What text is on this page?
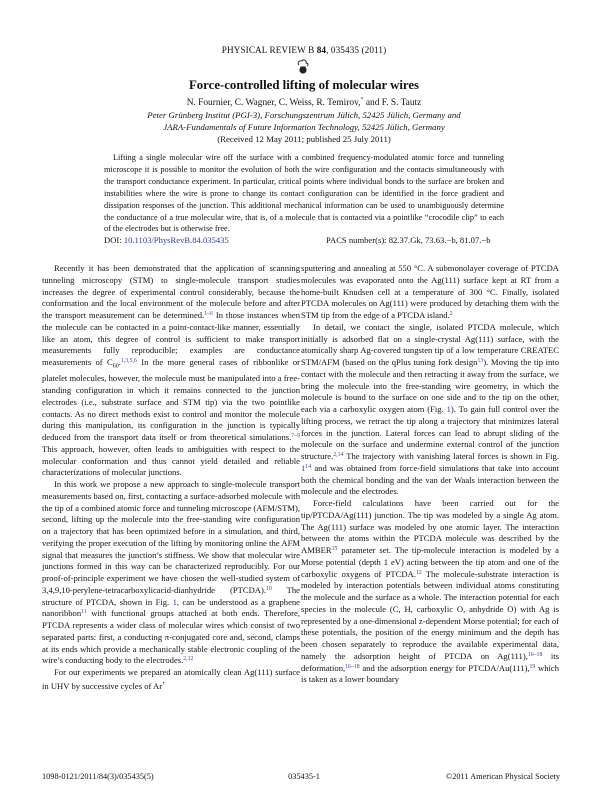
PHYSICAL REVIEW B 84, 035435 (2011)
Force-controlled lifting of molecular wires
N. Fournier, C. Wagner, C. Weiss, R. Temirov,* and F. S. Tautz
Peter Grünberg Institut (PGI-3), Forschungszentrum Jülich, 52425 Jülich, Germany and
JARA-Fundamentals of Future Information Technology, 52425 Jülich, Germany
(Received 12 May 2011; published 25 July 2011)
Lifting a single molecular wire off the surface with a combined frequency-modulated atomic force and tunneling microscope it is possible to monitor the evolution of both the wire configuration and the contacts simultaneously with the transport conductance experiment. In particular, critical points where individual bonds to the surface are broken and instabilities where the wire is prone to change its contact configuration can be identified in the force gradient and dissipation responses of the junction. This additional mechanical information can be used to unambiguously determine the conductance of a true molecular wire, that is, of a molecule that is contacted via a pointlike “crocodile clip” to each of the electrodes but is otherwise free.
DOI: 10.1103/PhysRevB.84.035435	PACS number(s): 82.37.Gk, 73.63.−b, 81.07.−b

Recently it has been demonstrated that the application of scanning tunneling microscopy (STM) to single-molecule transport studies increases the degree of experimental control considerably, because the conformation and the local environment of the molecule before and after the transport measurement can be determined.$^{1-6}$ In those instances when the molecule can be contacted in a point-contact-like manner, essentially like an atom, this degree of control is sufficient to make transport measurements fully reproducible; examples are conductance measurements of $C_{60}.^{1,3,5,6}$ In the more general cases of ribbonlike or platelet molecules, however, the molecule must be manipulated into a free-standing configuration in which it remains connected to the junction electrodes (i.e., substrate surface and STM tip) via the two pointlike contacts. As no direct methods exist to control and monitor the molecule during this manipulation, its configuration in the junction is typically deduced from the transport data itself or from theoretical simulations.$^{7-9}$ This approach, however, often leads to ambiguities with respect to the molecular conformation and thus cannot yield detailed and reliable characterizations of molecular junctions.

In this work we propose a new approach to single-molecule transport measurements based on, first, contacting a surface-adsorbed molecule with the tip of a combined atomic force and tunneling microscope (AFM/STM), second, lifting up the molecule into the free-standing wire configuration on a trajectory that has been optimized before in a simulation, and third, verifying the proper execution of the lifting by monitoring online the AFM signal that measures the junction’s stiffness. We show that molecular wire junctions formed in this way can be characterized reproducibly. For our proof-of-principle experiment we have chosen the well-studied system of 3,4,9,10-perylene-tetracarboxylicacid-dianhydride (PTCDA).$^{10}$ The structure of PTCDA, shown in Fig. 1, can be understood as a graphene nanoribbon$^{11}$ with functional groups attached at both ends. Therefore, PTCDA represents a wider class of molecular wires which consist of two separated parts: first, a conducting π-conjugated core and, second, clamps at its ends which provide a mechanically stable electronic coupling of the wire’s conducting body to the electrodes.$^{2,12}$

For our experiments we prepared an atomically clean Ag(111) surface in UHV by successive cycles of Ar+

sputtering and annealing at 550 °C. A submonolayer coverage of PTCDA molecules was evaporated onto the Ag(111) surface kept at RT from a home-built Knudsen cell at a temperature of 300 °C. Finally, isolated PTCDA molecules on Ag(111) were produced by detaching them with the STM tip from the edge of a PTCDA island.$^2$

In detail, we contact the single, isolated PTCDA molecule, which initially is adsorbed flat on a single-crystal Ag(111) surface, with the atomically sharp Ag-covered tungsten tip of a low temperature CREATEC STM/AFM (based on the qPlus tuning fork design$^{13}$). Moving the tip into contact with the molecule and then retracting it away from the surface, we bring the molecule into the free-standing wire geometry, in which the molecule is bound to the surface on one side and to the tip on the other, each via a carboxylic oxygen atom (Fig. 1). To gain full control over the lifting process, we retract the tip along a trajectory that minimizes lateral forces in the junction. Lateral forces can lead to abrupt sliding of the molecule on the surface and undermine external control of the junction structure.$^{2,14}$ The trajectory with vanishing lateral forces is shown in Fig. 1$^{14}$ and was obtained from force-field simulations that take into account both the chemical bonding and the van der Waals interaction between the molecule and the electrodes.

Force-field calculations have been carried out for the tip/PTCDA/Ag(111) junction. The tip was modeled by a single Ag atom. The Ag(111) surface was modeled by one atomic layer. The interaction between the atoms within the PTCDA molecule was described by the AMBER$^{15}$ parameter set. The tip-molecule interaction is modeled by a Morse potential (depth 1 eV) acting between the tip atom and one of the carboxylic oxygens of PTCDA.$^{12}$ The molecule-substrate interaction is modeled by interaction potentials between individual atoms constituting the molecule and the surface as a whole. The interaction potential for each species in the molecule (C, H, carboxylic O, anhydride O) with Ag is represented by a one-dimensional z-dependent Morse potential; for each of these potentials, the position of the energy minimum and the depth has been chosen separately to reproduce the available experimental data, namely the adsorption height of PTCDA on Ag(111),$^{16-18}$ its deformation,$^{16-18}$ and the adsorption energy for PTCDA/Au(111),$^{19}$ which is taken as a lower boundary

1098-0121/2011/84(3)/035435(5)	035435-1	©2011 American Physical Society
